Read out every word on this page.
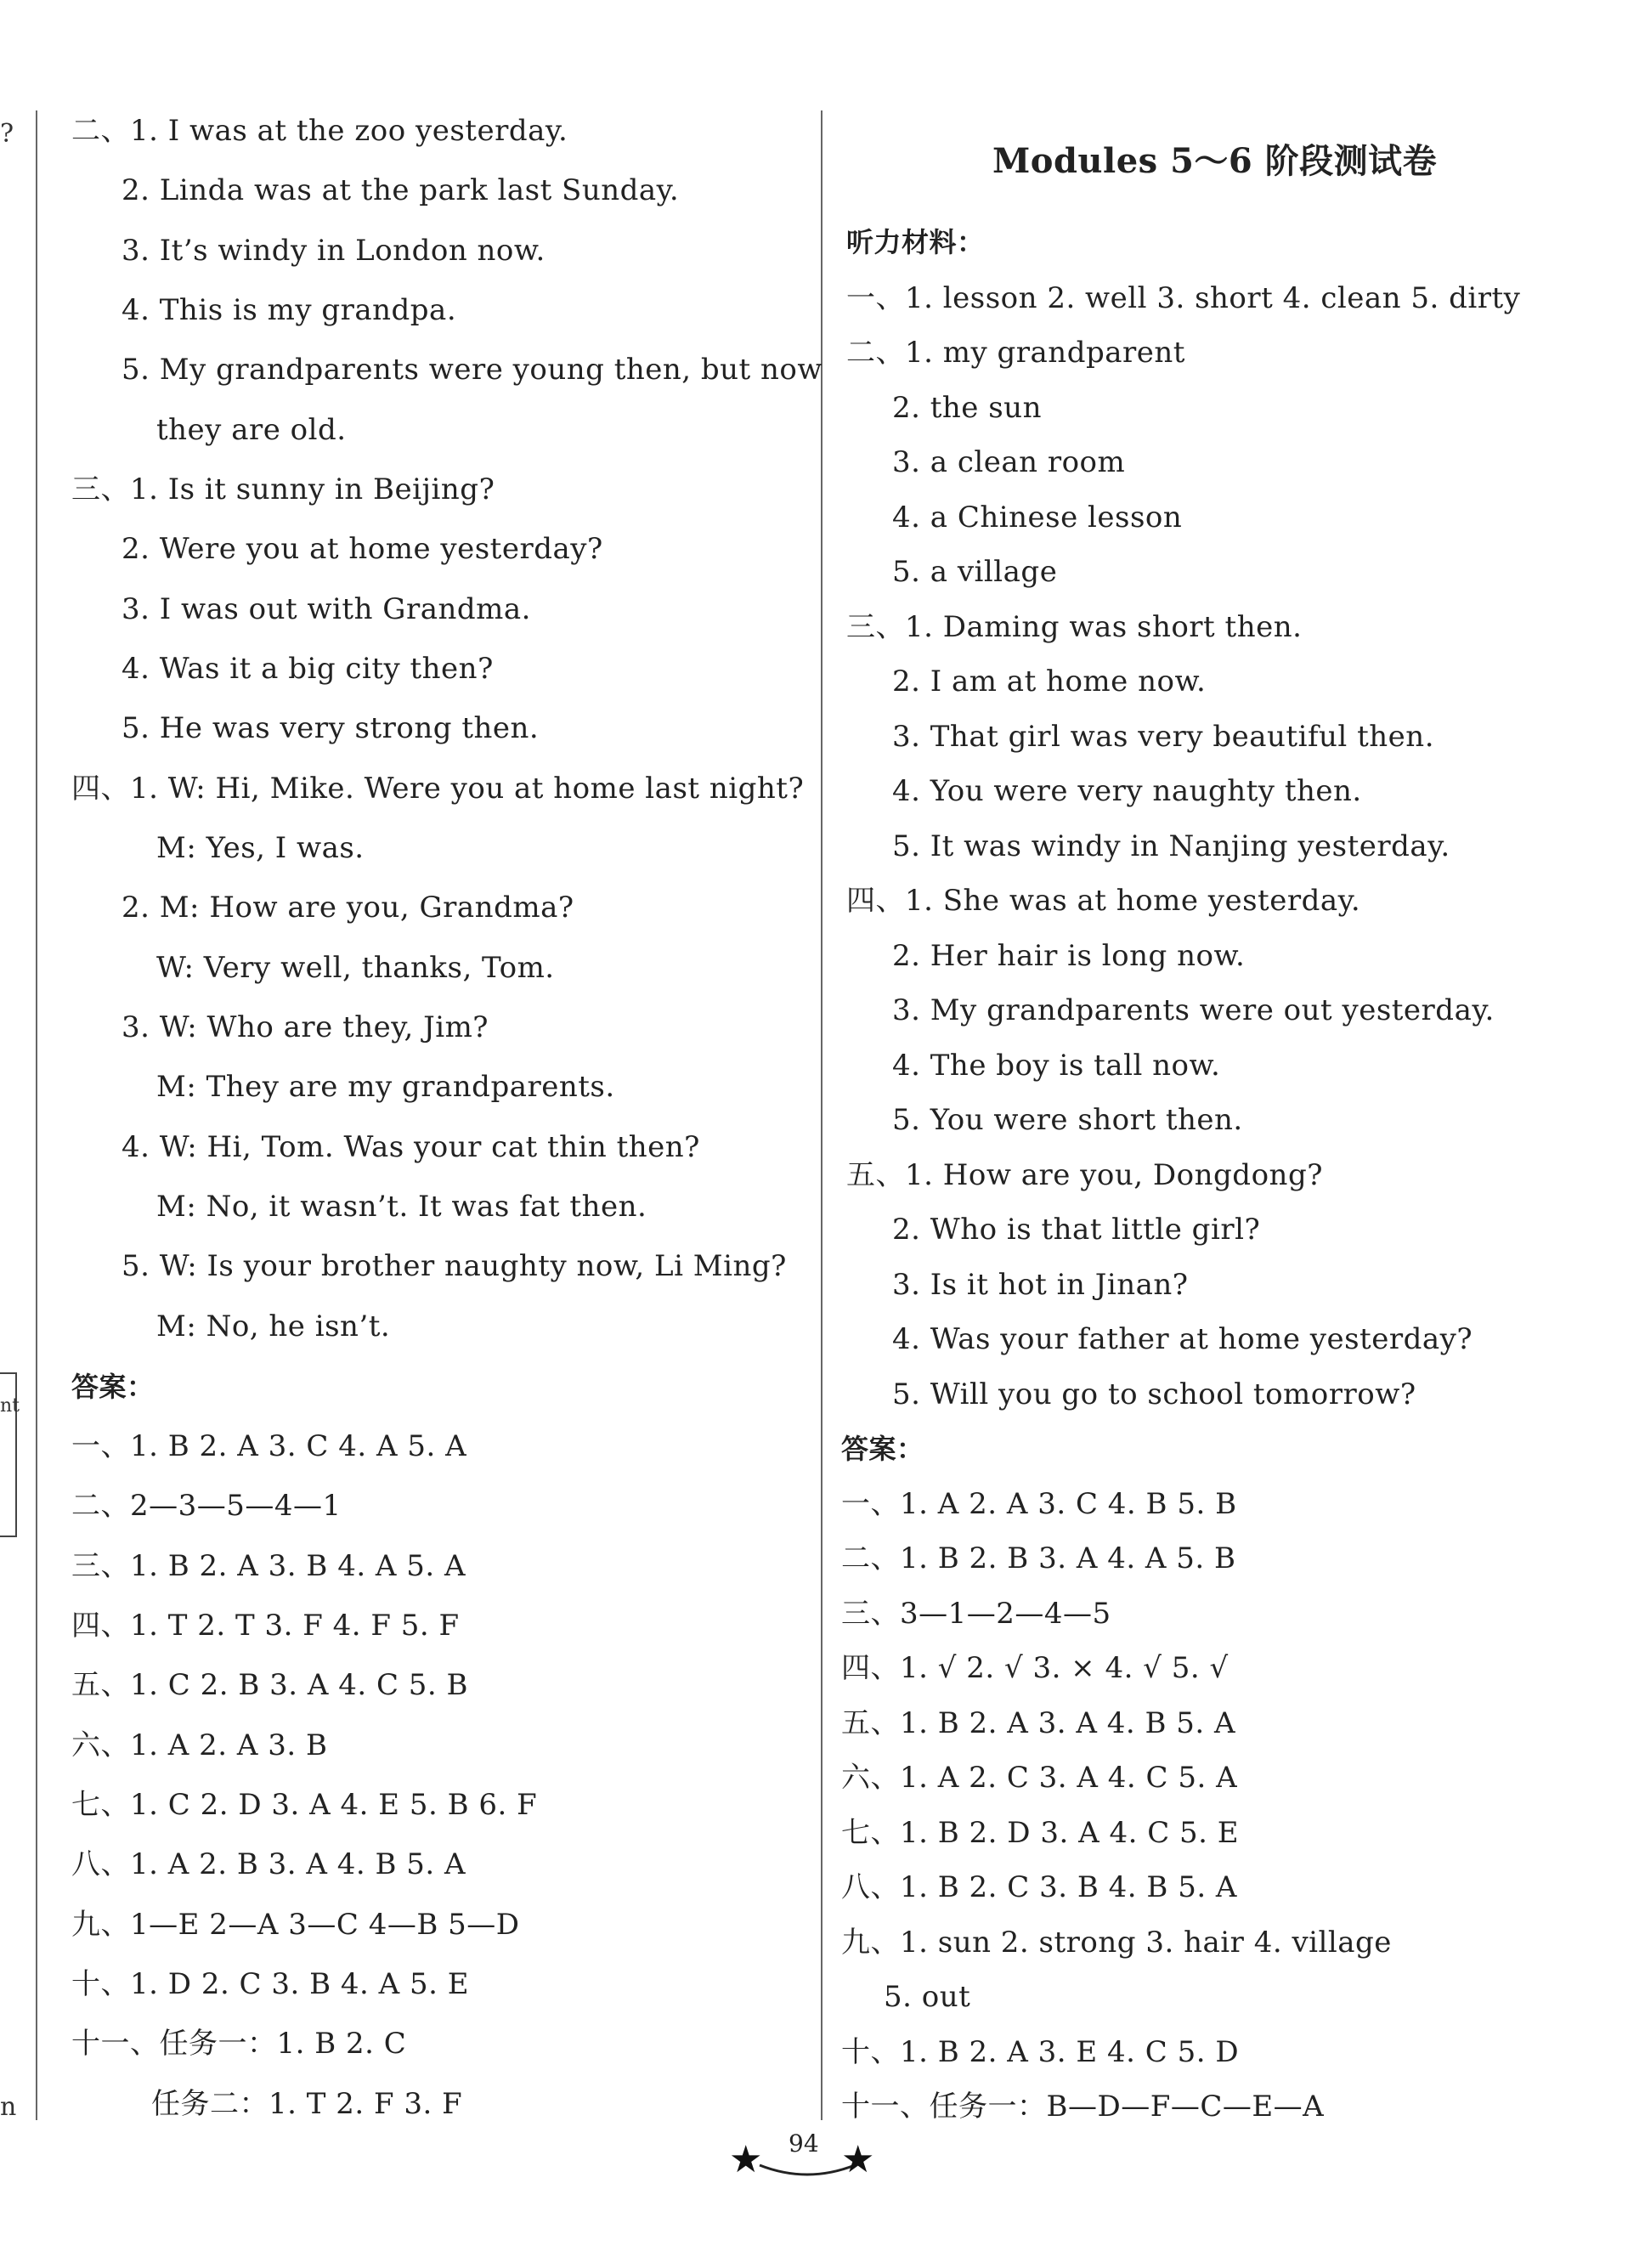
?
nt
n
二、1. I was at the zoo yesterday.
2. Linda was at the park last Sunday.
3. It’s windy in London now.
4. This is my grandpa.
5. My grandparents were young then, but now
they are old.
三、1. Is it sunny in Beijing?
2. Were you at home yesterday?
3. I was out with Grandma.
4. Was it a big city then?
5. He was very strong then.
四、1. W: Hi, Mike. Were you at home last night?
M: Yes, I was.
2. M: How are you, Grandma?
W: Very well, thanks, Tom.
3. W: Who are they, Jim?
M: They are my grandparents.
4. W: Hi, Tom. Was your cat thin then?
M: No, it wasn’t. It was fat then.
5. W: Is your brother naughty now, Li Ming?
M: No, he isn’t.
答案：
一、1. B 2. A 3. C 4. A 5. A
二、2—3—5—4—1
三、1. B 2. A 3. B 4. A 5. A
四、1. T 2. T 3. F 4. F 5. F
五、1. C 2. B 3. A 4. C 5. B
六、1. A 2. A 3. B
七、1. C 2. D 3. A 4. E 5. B 6. F
八、1. A 2. B 3. A 4. B 5. A
九、1—E 2—A 3—C 4—B 5—D
十、1. D 2. C 3. B 4. A 5. E
十一、任务一：1. B 2. C
任务二：1. T 2. F 3. F
Modules 5～6 阶段测试卷
听力材料：
一、1. lesson 2. well 3. short 4. clean 5. dirty
二、1. my grandparent
2. the sun
3. a clean room
4. a Chinese lesson
5. a village
三、1. Daming was short then.
2. I am at home now.
3. That girl was very beautiful then.
4. You were very naughty then.
5. It was windy in Nanjing yesterday.
四、1. She was at home yesterday.
2. Her hair is long now.
3. My grandparents were out yesterday.
4. The boy is tall now.
5. You were short then.
五、1. How are you, Dongdong?
2. Who is that little girl?
3. Is it hot in Jinan?
4. Was your father at home yesterday?
5. Will you go to school tomorrow?
答案：
一、1. A 2. A 3. C 4. B 5. B
二、1. B 2. B 3. A 4. A 5. B
三、3—1—2—4—5
四、1. √ 2. √ 3. × 4. √ 5. √
五、1. B 2. A 3. A 4. B 5. A
六、1. A 2. C 3. A 4. C 5. A
七、1. B 2. D 3. A 4. C 5. E
八、1. B 2. C 3. B 4. B 5. A
九、1. sun 2. strong 3. hair 4. village
5. out
十、1. B 2. A 3. E 4. C 5. D
十一、任务一：B—D—F—C—E—A
★ ★
94
